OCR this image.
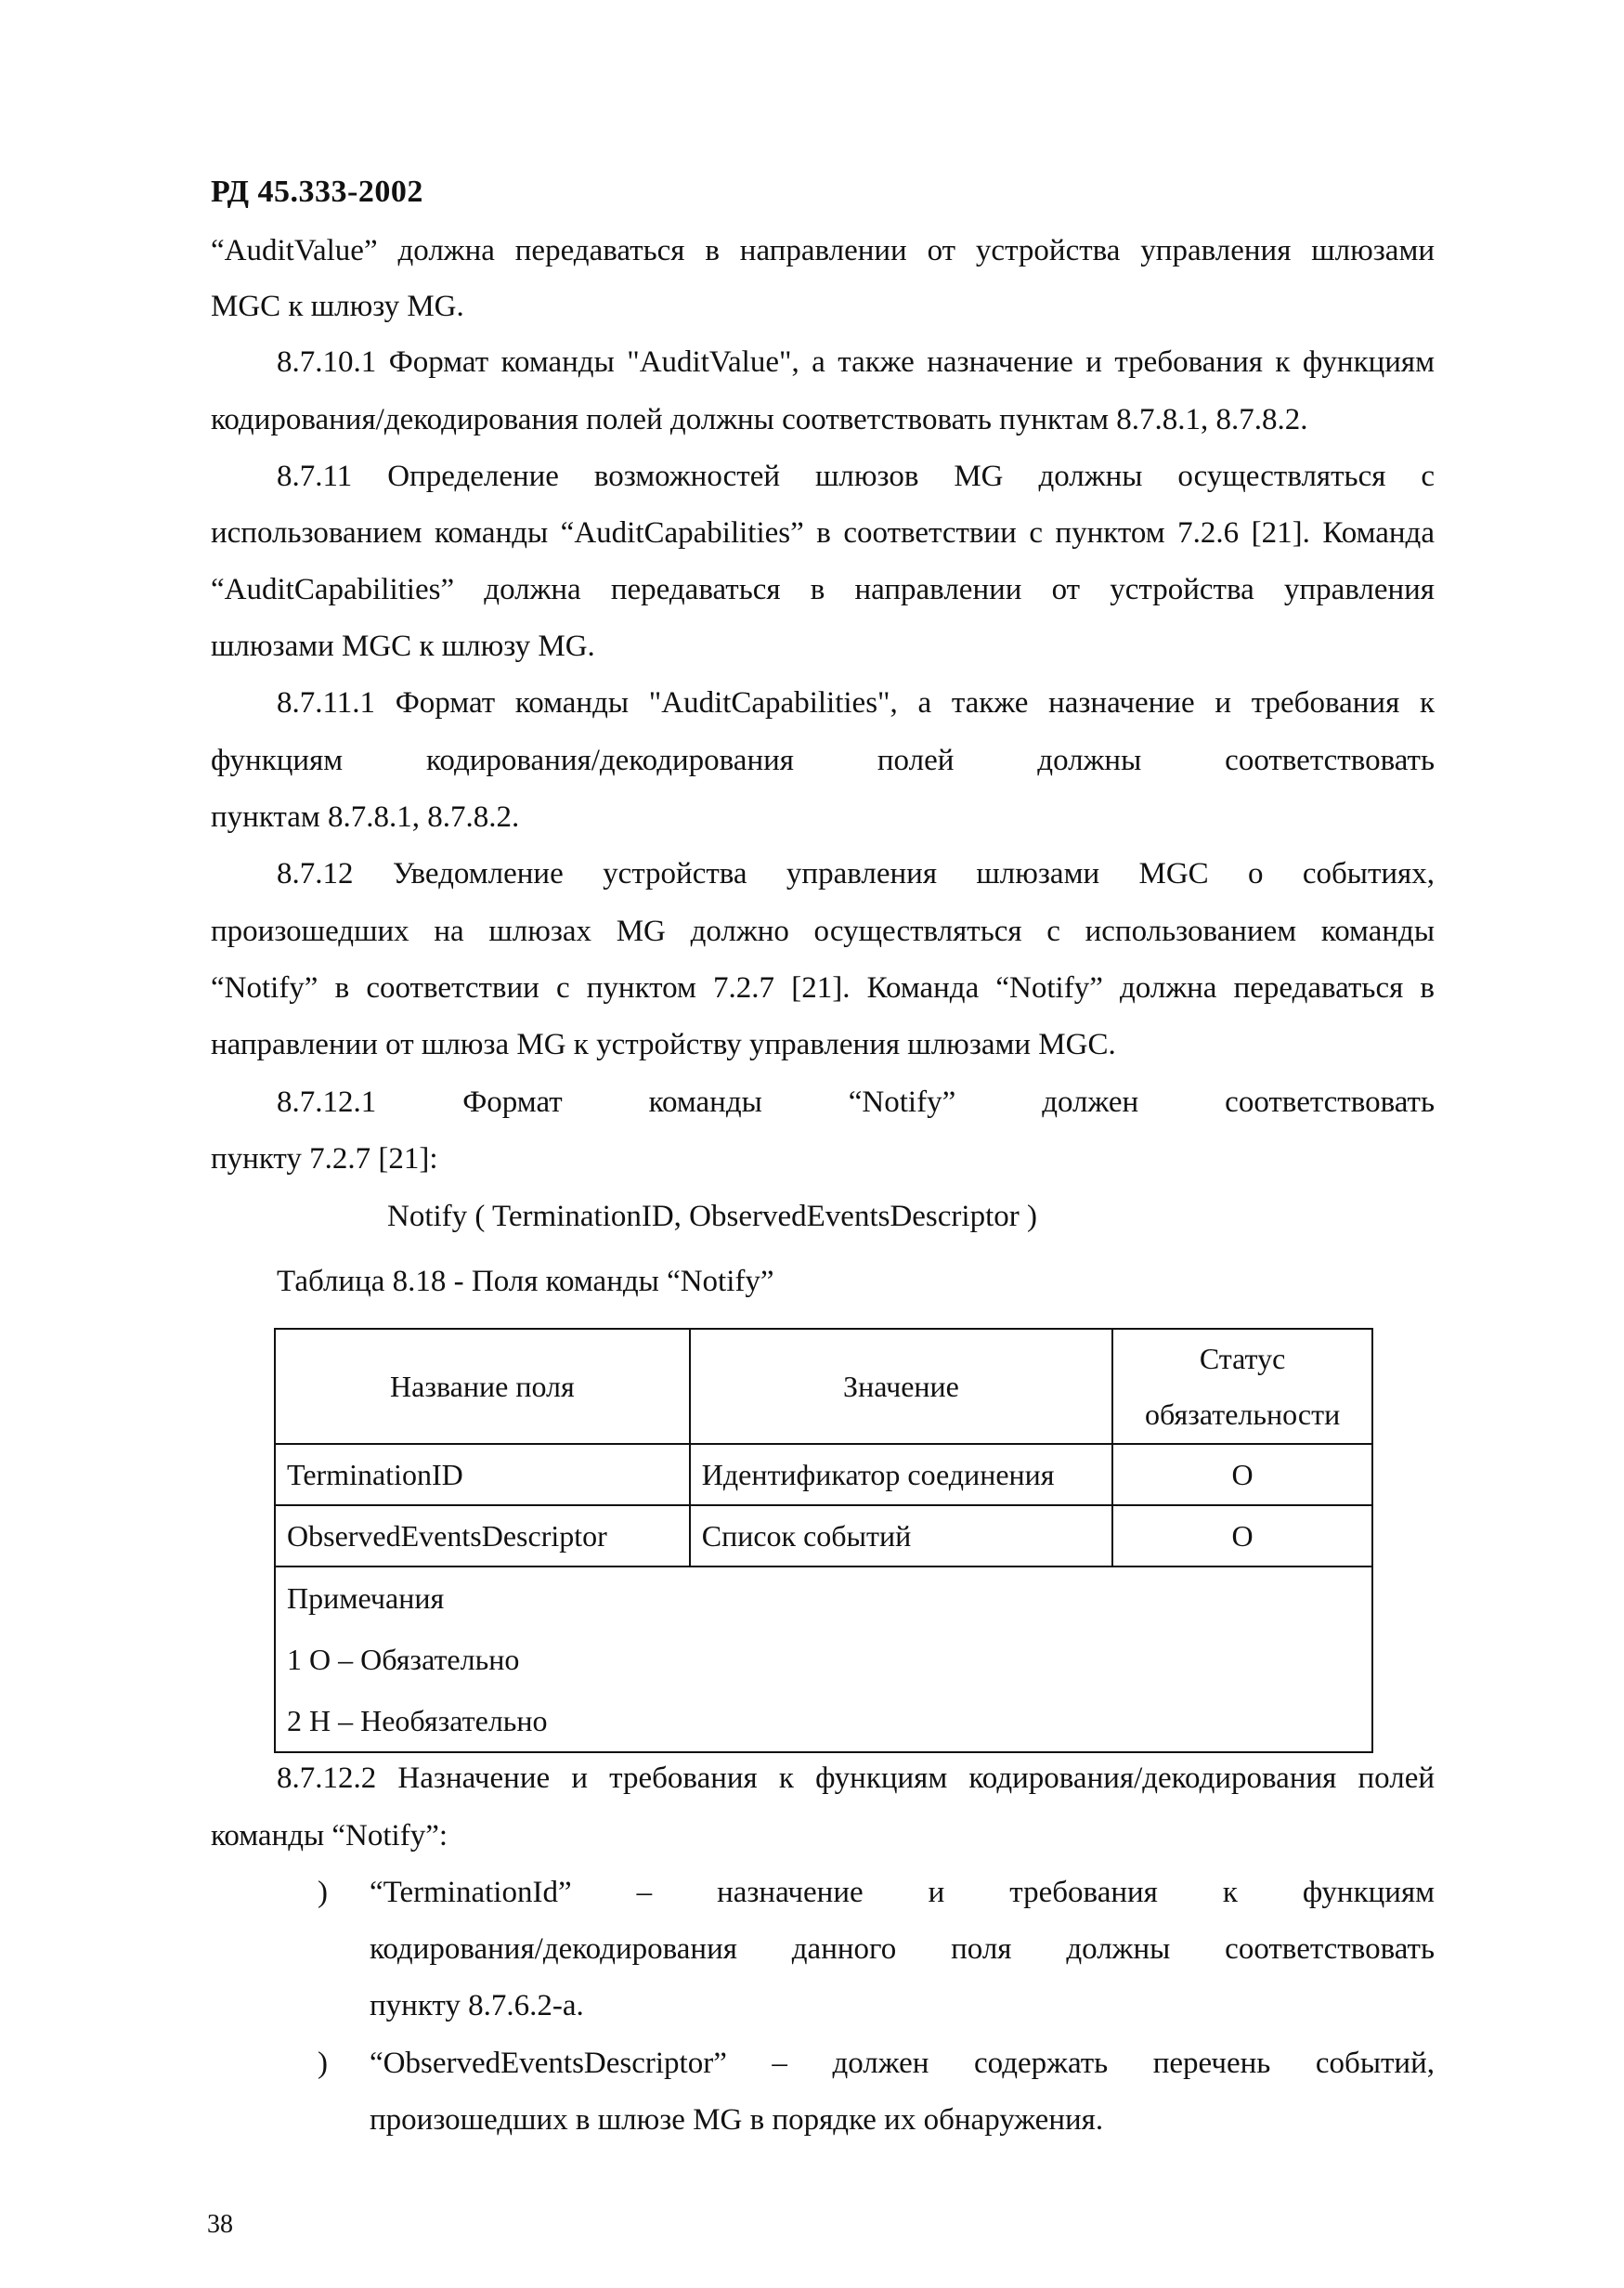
РД 45.333-2002
“AuditValue” должна передаваться в направлении от устройства управления шлюзами
MGC к шлюзу MG.
8.7.10.1 Формат команды "AuditValue", а также назначение и требования к функциям
кодирования/декодирования полей должны соответствовать пунктам 8.7.8.1, 8.7.8.2.
8.7.11 Определение возможностей шлюзов MG должны осуществляться с
использованием команды “AuditCapabilities” в соответствии с пунктом 7.2.6 [21]. Команда
“AuditCapabilities” должна передаваться в направлении от устройства управления
шлюзами MGC к шлюзу MG.
8.7.11.1 Формат команды "AuditCapabilities", а также назначение и требования к
функциям кодирования/декодирования полей должны соответствовать
пунктам 8.7.8.1, 8.7.8.2.
8.7.12 Уведомление устройства управления шлюзами MGC о событиях,
произошедших на шлюзах MG должно осуществляться с использованием команды
“Notify” в соответствии с пунктом 7.2.7 [21]. Команда “Notify” должна передаваться в
направлении от шлюза MG к устройству управления шлюзами MGC.
8.7.12.1 Формат команды “Notify” должен соответствовать
пункту 7.2.7 [21]:
Notify ( TerminationID, ObservedEventsDescriptor )
Таблица 8.18 - Поля команды “Notify”
Название поля	Значение	Статус
обязательности

TerminationID	Идентификатор соединения	O
ObservedEventsDescriptor	Список событий	O

Примечания
1 О – Обязательно
2 Н – Необязательно		
8.7.12.2 Назначение и требования к функциям кодирования/декодирования полей
команды “Notify”:
) “TerminationId” – назначение и требования к функциям
кодирования/декодирования данного поля должны соответствовать
пункту 8.7.6.2-а.
) “ObservedEventsDescriptor” – должен содержать перечень событий,
произошедших в шлюзе MG в порядке их обнаружения.
38
